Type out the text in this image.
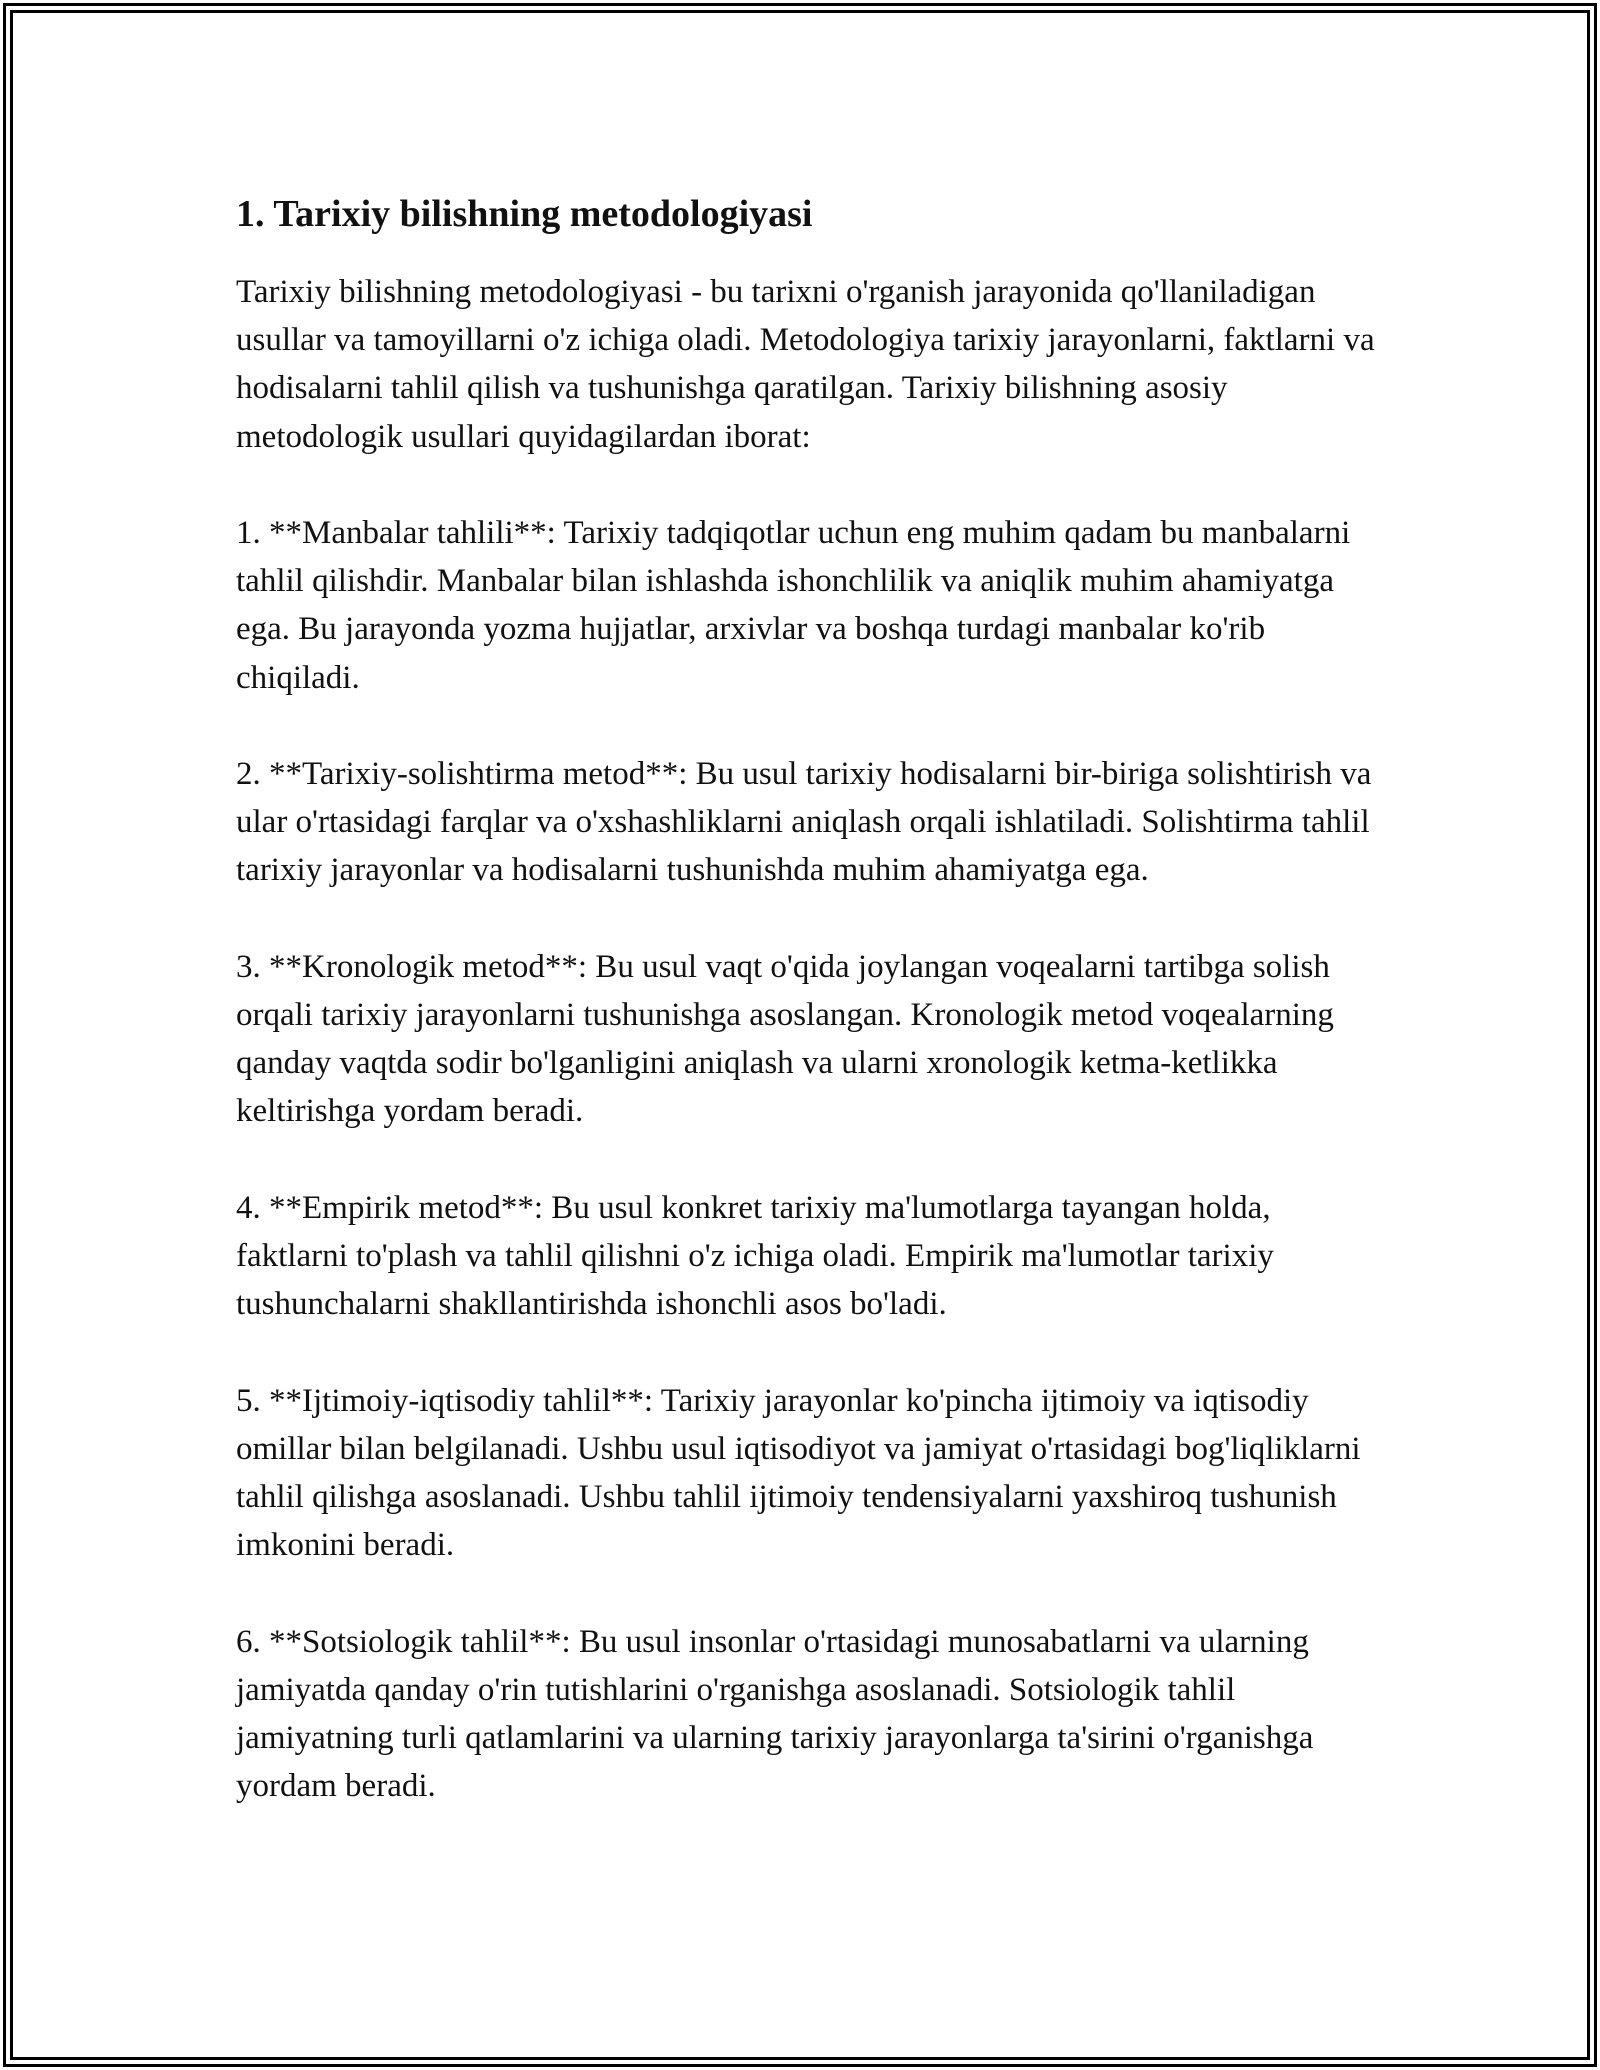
1. Tarixiy bilishning metodologiyasi

Tarixiy bilishning metodologiyasi - bu tarixni o'rganish jarayonida qo'llaniladigan usullar va tamoyillarni o'z ichiga oladi. Metodologiya tarixiy jarayonlarni, faktlarni va hodisalarni tahlil qilish va tushunishga qaratilgan. Tarixiy bilishning asosiy metodologik usullari quyidagilardan iborat:

1. **Manbalar tahlili**: Tarixiy tadqiqotlar uchun eng muhim qadam bu manbalarni tahlil qilishdir. Manbalar bilan ishlashda ishonchlilik va aniqlik muhim ahamiyatga ega. Bu jarayonda yozma hujjatlar, arxivlar va boshqa turdagi manbalar ko'rib chiqiladi.

2. **Tarixiy-solishtirma metod**: Bu usul tarixiy hodisalarni bir-biriga solishtirish va ular o'rtasidagi farqlar va o'xshashliklarni aniqlash orqali ishlatiladi. Solishtirma tahlil tarixiy jarayonlar va hodisalarni tushunishda muhim ahamiyatga ega.

3. **Kronologik metod**: Bu usul vaqt o'qida joylangan voqealarni tartibga solish orqali tarixiy jarayonlarni tushunishga asoslangan. Kronologik metod voqealarning qanday vaqtda sodir bo'lganligini aniqlash va ularni xronologik ketma-ketlikka keltirishga yordam beradi.

4. **Empirik metod**: Bu usul konkret tarixiy ma'lumotlarga tayangan holda, faktlarni to'plash va tahlil qilishni o'z ichiga oladi. Empirik ma'lumotlar tarixiy tushunchalarni shakllantirishda ishonchli asos bo'ladi.

5. **Ijtimoiy-iqtisodiy tahlil**: Tarixiy jarayonlar ko'pincha ijtimoiy va iqtisodiy omillar bilan belgilanadi. Ushbu usul iqtisodiyot va jamiyat o'rtasidagi bog'liqliklarni tahlil qilishga asoslanadi. Ushbu tahlil ijtimoiy tendensiyalarni yaxshiroq tushunish imkonini beradi.

6. **Sotsiologik tahlil**: Bu usul insonlar o'rtasidagi munosabatlarni va ularning jamiyatda qanday o'rin tutishlarini o'rganishga asoslanadi. Sotsiologik tahlil jamiyatning turli qatlamlarini va ularning tarixiy jarayonlarga ta'sirini o'rganishga yordam beradi.
